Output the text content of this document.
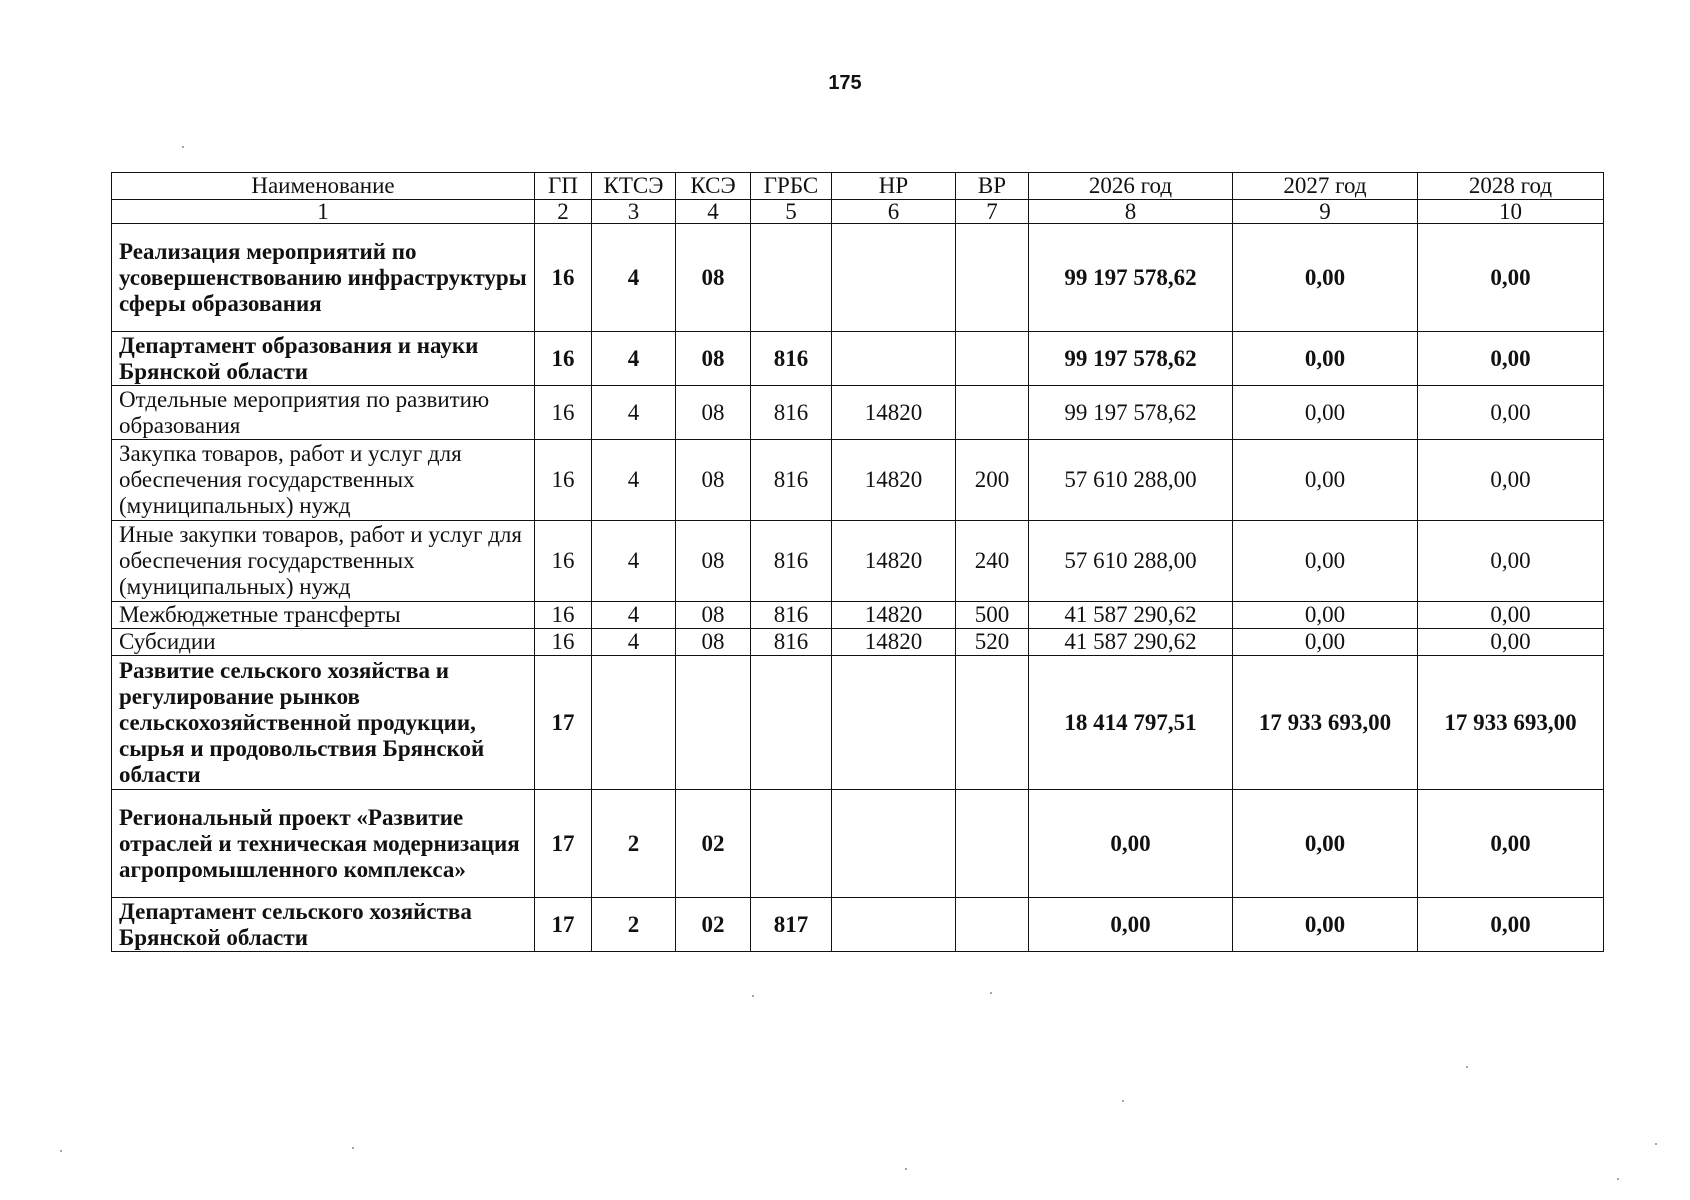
175
Наименование	ГП	КТСЭ	КСЭ	ГРБС	НР	ВР	2026 год	2027 год	2028 год
1	2	3	4	5	6	7	8	9	10
Реализация мероприятий по усовершенствованию инфраструктуры сферы образования	16	4	08				99 197 578,62	0,00	0,00
Департамент образования и науки Брянской области	16	4	08	816			99 197 578,62	0,00	0,00
Отдельные мероприятия по развитию образования	16	4	08	816	14820		99 197 578,62	0,00	0,00
Закупка товаров, работ и услуг для обеспечения государственных (муниципальных) нужд	16	4	08	816	14820	200	57 610 288,00	0,00	0,00
Иные закупки товаров, работ и услуг для обеспечения государственных (муниципальных) нужд	16	4	08	816	14820	240	57 610 288,00	0,00	0,00
Межбюджетные трансферты	16	4	08	816	14820	500	41 587 290,62	0,00	0,00
Субсидии	16	4	08	816	14820	520	41 587 290,62	0,00	0,00
Развитие сельского хозяйства и регулирование рынков сельскохозяйственной продукции, сырья и продовольствия Брянской области	17						18 414 797,51	17 933 693,00	17 933 693,00
Региональный проект «Развитие отраслей и техническая модернизация агропромышленного комплекса»	17	2	02				0,00	0,00	0,00
Департамент сельского хозяйства Брянской области	17	2	02	817			0,00	0,00	0,00
